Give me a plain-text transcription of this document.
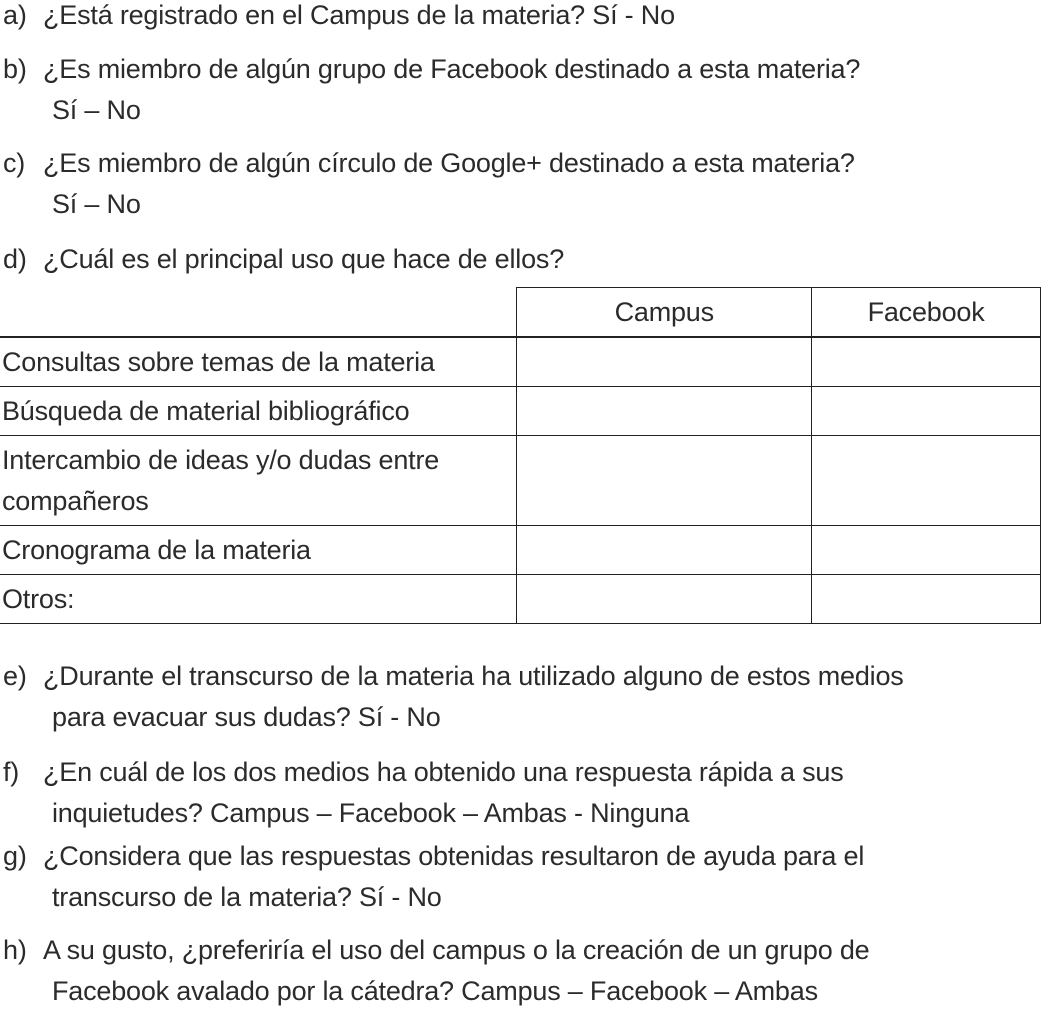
a) ¿Está registrado en el Campus de la materia? Sí - No
b) ¿Es miembro de algún grupo de Facebook destinado a esta materia?
Sí – No
c) ¿Es miembro de algún círculo de Google+ destinado a esta materia?
Sí – No
d) ¿Cuál es el principal uso que hace de ellos?
	Campus	Facebook
Consultas sobre temas de la materia		
Búsqueda de material bibliográfico		
Intercambio de ideas y/o dudas entre
compañeros		
Cronograma de la materia		
Otros:		
e) ¿Durante el transcurso de la materia ha utilizado alguno de estos medios
para evacuar sus dudas? Sí - No
f) ¿En cuál de los dos medios ha obtenido una respuesta rápida a sus
inquietudes? Campus – Facebook – Ambas - Ninguna
g) ¿Considera que las respuestas obtenidas resultaron de ayuda para el
transcurso de la materia? Sí - No
h) A su gusto, ¿preferiría el uso del campus o la creación de un grupo de
Facebook avalado por la cátedra? Campus – Facebook – Ambas
